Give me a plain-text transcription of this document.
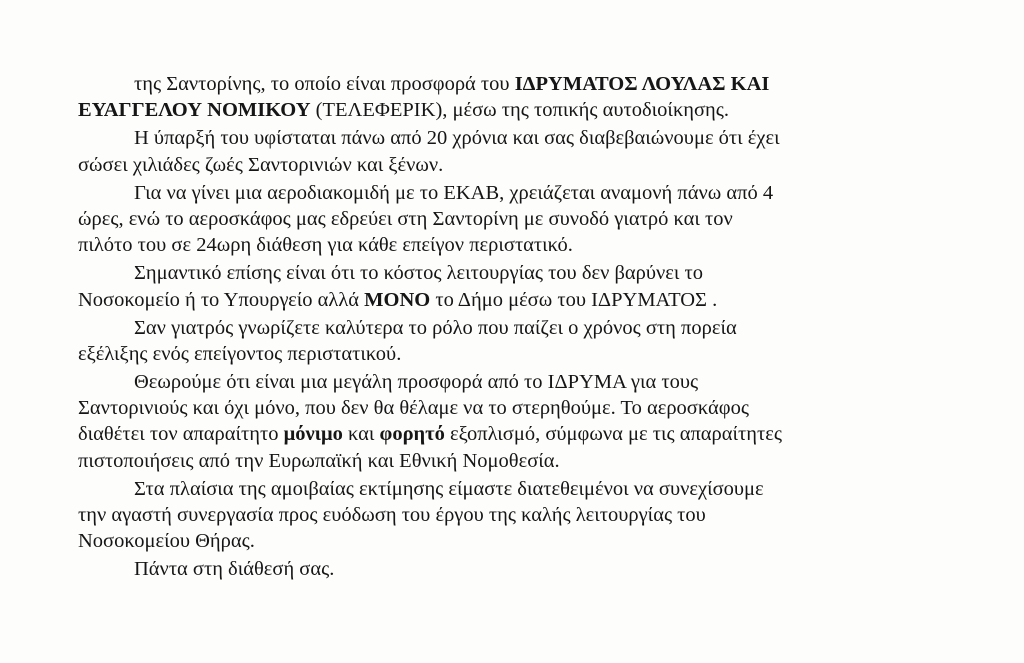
της Σαντορίνης, το οποίο είναι προσφορά του ΙΔΡΥΜΑΤΟΣ ΛΟΥΛΑΣ ΚΑΙ
ΕΥΑΓΓΕΛΟΥ ΝΟΜΙΚΟΥ (ΤΕΛΕΦΕΡΙΚ), μέσω της τοπικής αυτοδιοίκησης.
Η ύπαρξή του υφίσταται πάνω από 20 χρόνια και σας διαβεβαιώνουμε ότι έχει
σώσει χιλιάδες ζωές Σαντορινιών και ξένων.
Για να γίνει μια αεροδιακομιδή με το ΕΚΑΒ, χρειάζεται αναμονή πάνω από 4
ώρες, ενώ το αεροσκάφος μας εδρεύει στη Σαντορίνη με συνοδό γιατρό και τον
πιλότο του σε 24ωρη διάθεση για κάθε επείγον περιστατικό.
Σημαντικό επίσης είναι ότι το κόστος λειτουργίας του δεν βαρύνει το
Νοσοκομείο ή το Υπουργείο αλλά ΜΟΝΟ το Δήμο μέσω του ΙΔΡΥΜΑΤΟΣ .
Σαν γιατρός γνωρίζετε καλύτερα το ρόλο που παίζει ο χρόνος στη πορεία
εξέλιξης ενός επείγοντος περιστατικού.
Θεωρούμε ότι είναι μια μεγάλη προσφορά από το ΙΔΡΥΜΑ για τους
Σαντορινιούς και όχι μόνο, που δεν θα θέλαμε να το στερηθούμε. Το αεροσκάφος
διαθέτει τον απαραίτητο μόνιμο και φορητό εξοπλισμό, σύμφωνα με τις απαραίτητες
πιστοποιήσεις από την Ευρωπαϊκή και Εθνική Νομοθεσία.
Στα πλαίσια της αμοιβαίας εκτίμησης είμαστε διατεθειμένοι να συνεχίσουμε
την αγαστή συνεργασία προς ευόδωση του έργου της καλής λειτουργίας του
Νοσοκομείου Θήρας.
Πάντα στη διάθεσή σας.
